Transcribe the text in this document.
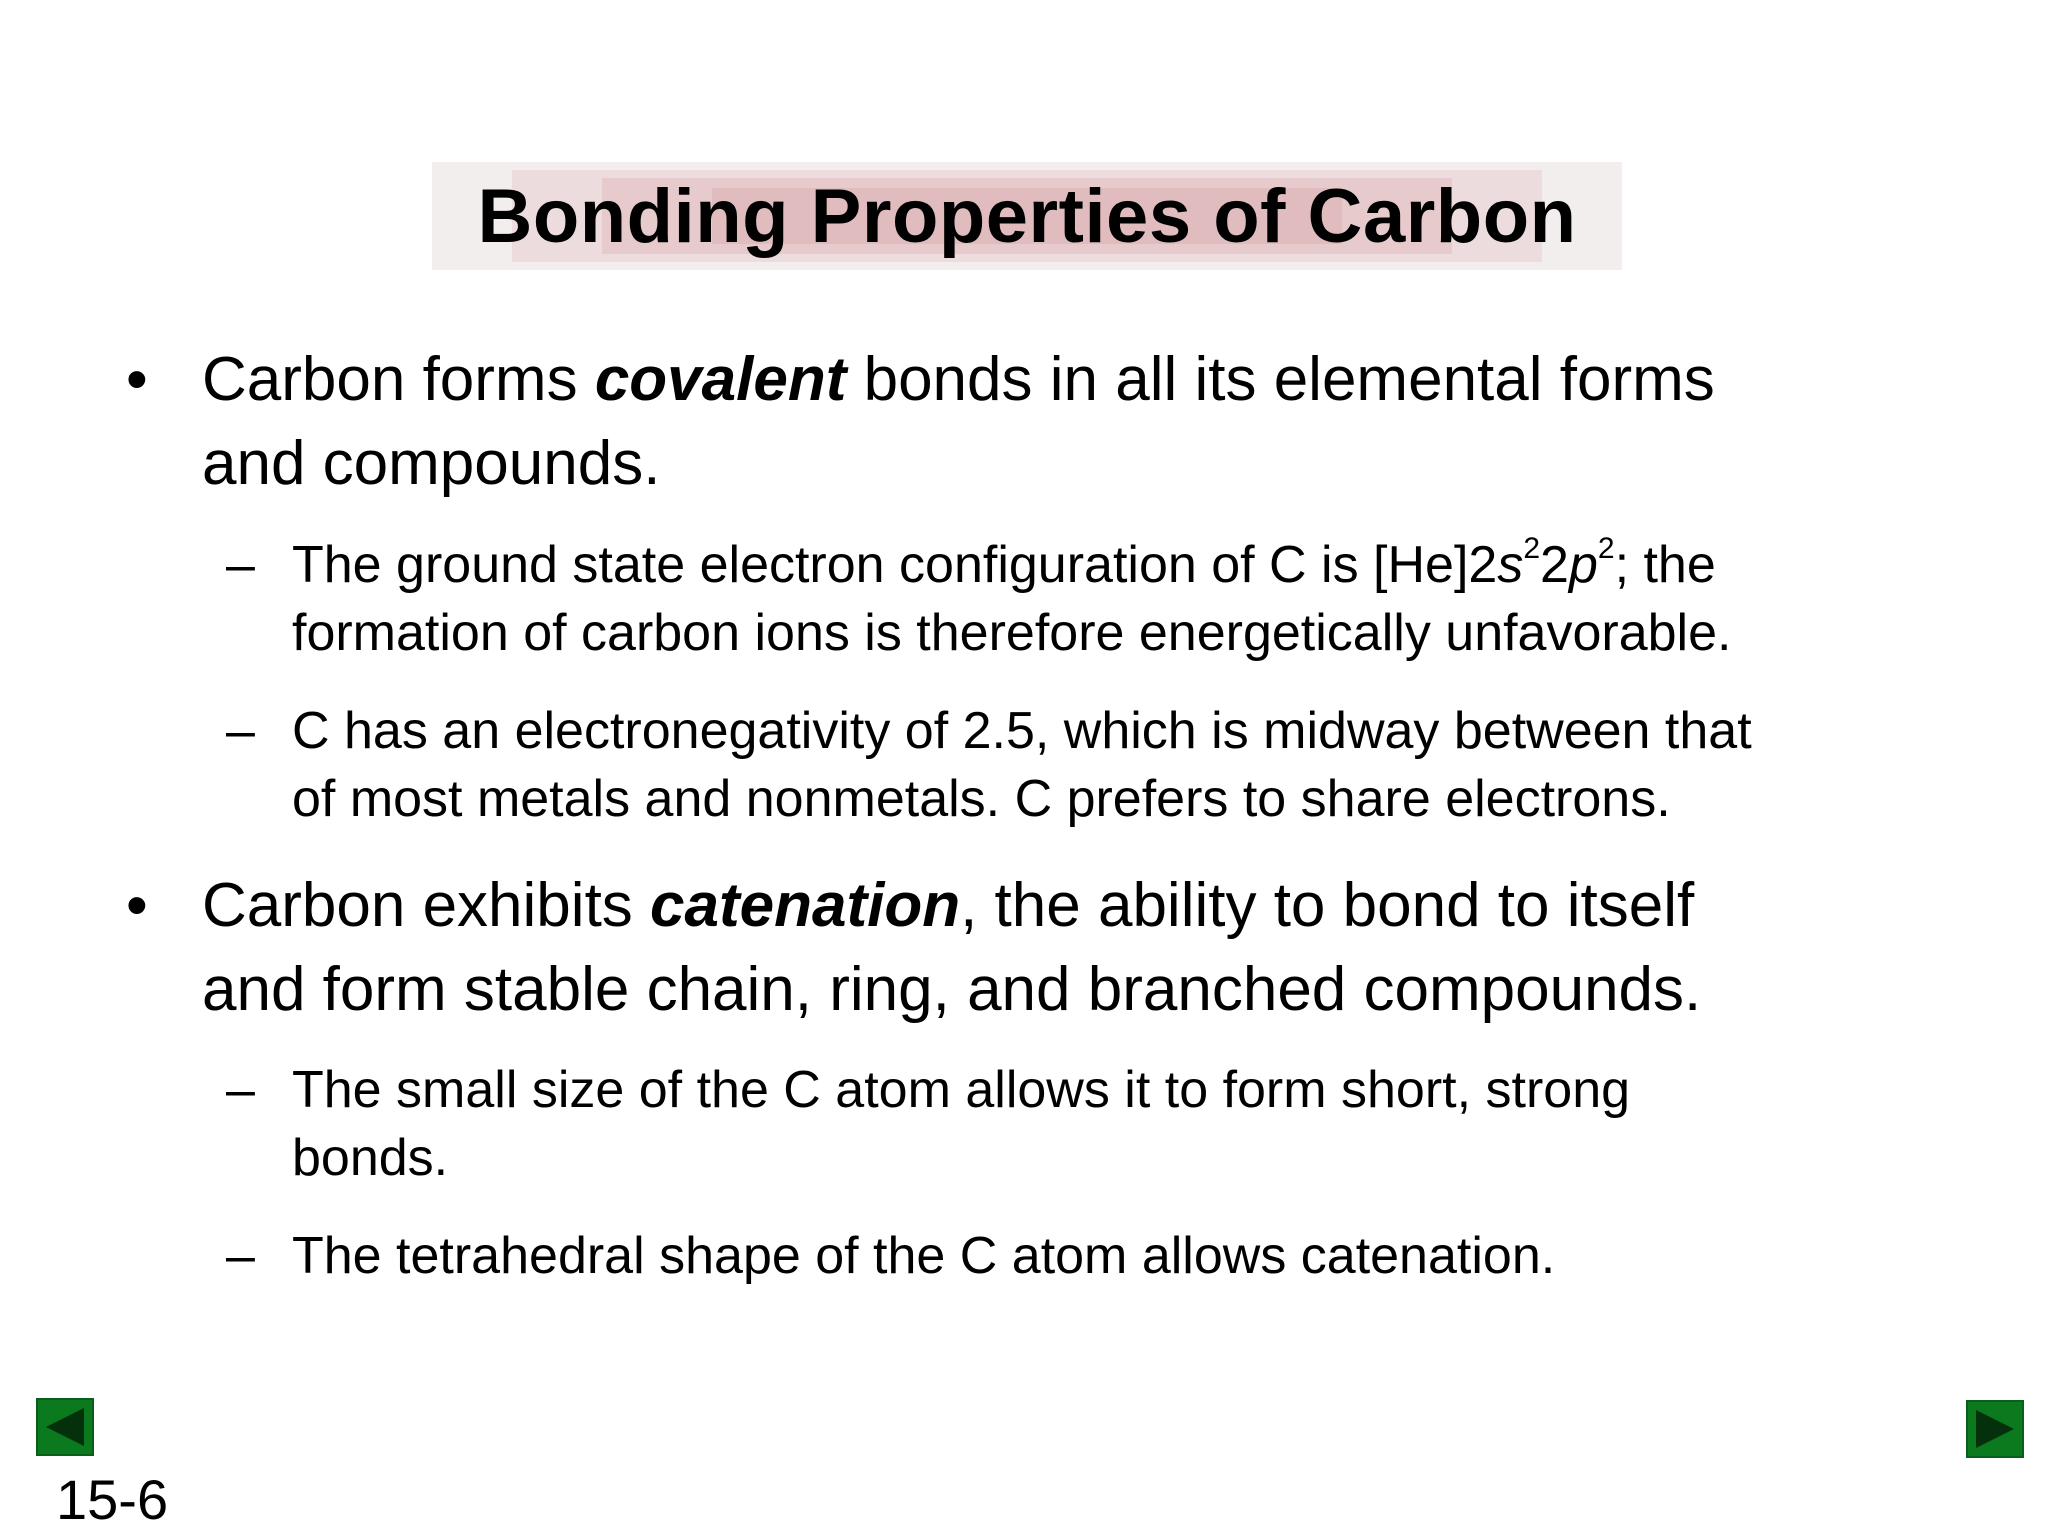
Bonding Properties of Carbon
• Carbon forms covalent bonds in all its elemental forms
and compounds.
– The ground state electron configuration of C is $[He]2s^22p^2$; the
formation of carbon ions is therefore energetically unfavorable.
– C has an electronegativity of 2.5, which is midway between that
of most metals and nonmetals. C prefers to share electrons.
• Carbon exhibits catenation, the ability to bond to itself
and form stable chain, ring, and branched compounds.
– The small size of the C atom allows it to form short, strong
bonds.
– The tetrahedral shape of the C atom allows catenation.
15-6
